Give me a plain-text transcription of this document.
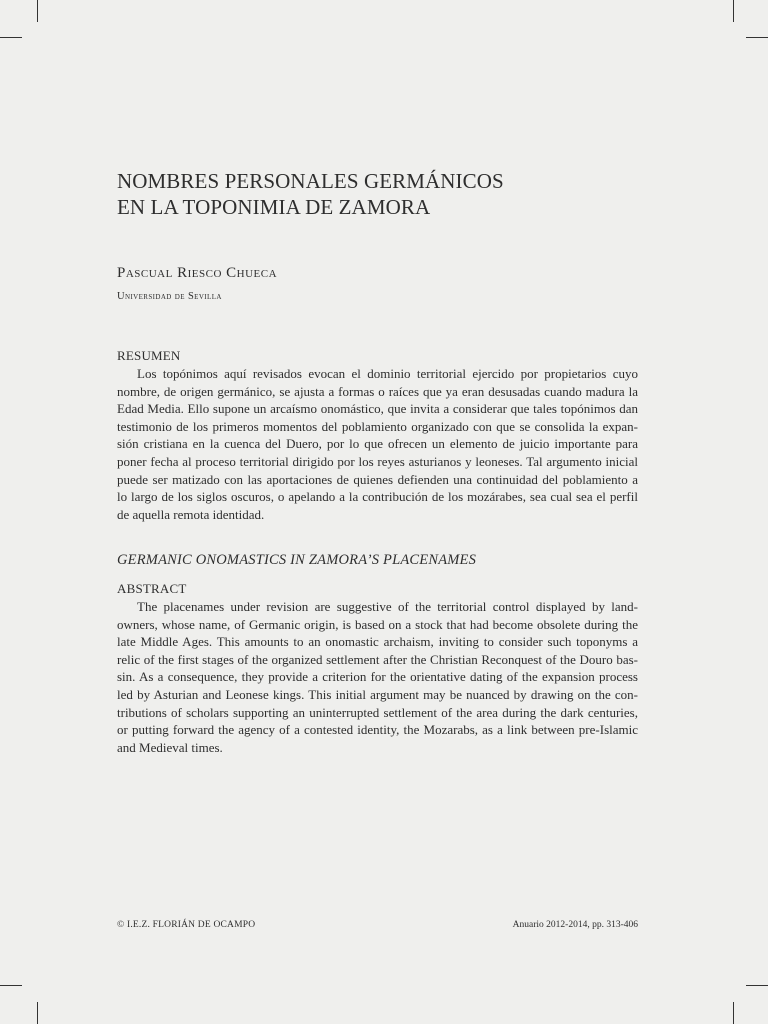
NOMBRES PERSONALES GERMÁNICOS
EN LA TOPONIMIA DE ZAMORA
Pascual Riesco Chueca
Universidad de Sevilla
RESUMEN
Los topónimos aquí revisados evocan el dominio territorial ejercido por propietarios cuyo
nombre, de origen germánico, se ajusta a formas o raíces que ya eran desusadas cuando madura la
Edad Media. Ello supone un arcaísmo onomástico, que invita a considerar que tales topónimos dan
testimonio de los primeros momentos del poblamiento organizado con que se consolida la expan-
sión cristiana en la cuenca del Duero, por lo que ofrecen un elemento de juicio importante para
poner fecha al proceso territorial dirigido por los reyes asturianos y leoneses. Tal argumento inicial
puede ser matizado con las aportaciones de quienes defienden una continuidad del poblamiento a
lo largo de los siglos oscuros, o apelando a la contribución de los mozárabes, sea cual sea el perfil
de aquella remota identidad.
GERMANIC ONOMASTICS IN ZAMORA’S PLACENAMES
ABSTRACT
The placenames under revision are suggestive of the territorial control displayed by land-
owners, whose name, of Germanic origin, is based on a stock that had become obsolete during the
late Middle Ages. This amounts to an onomastic archaism, inviting to consider such toponyms a
relic of the first stages of the organized settlement after the Christian Reconquest of the Douro bas-
sin. As a consequence, they provide a criterion for the orientative dating of the expansion process
led by Asturian and Leonese kings. This initial argument may be nuanced by drawing on the con-
tributions of scholars supporting an uninterrupted settlement of the area during the dark centuries,
or putting forward the agency of a contested identity, the Mozarabs, as a link between pre-Islamic
and Medieval times.
© I.E.Z. FLORIÁN DE OCAMPO	Anuario 2012-2014, pp. 313-406
